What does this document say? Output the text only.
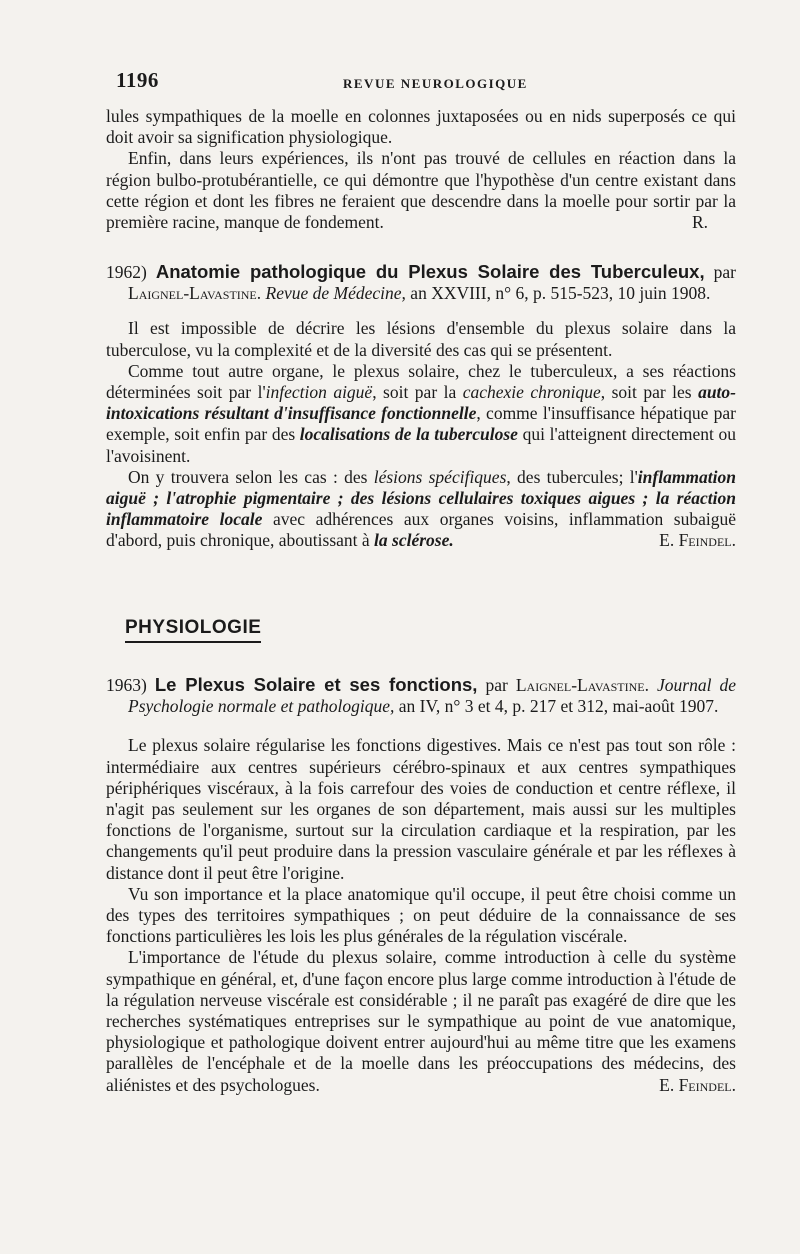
1196	REVUE NEUROLOGIQUE

lules sympathiques de la moelle en colonnes juxtaposées ou en nids superposés ce qui doit avoir sa signification physiologique.

Enfin, dans leurs expériences, ils n'ont pas trouvé de cellules en réaction dans la région bulbo-protubérantielle, ce qui démontre que l'hypothèse d'un centre existant dans cette région et dont les fibres ne feraient que descendre dans la moelle pour sortir par la première racine, manque de fondement.	R.

1962) Anatomie pathologique du Plexus Solaire des Tuberculeux, par Laignel-Lavastine. Revue de Médecine, an XXVIII, n° 6, p. 515-523, 10 juin 1908.

Il est impossible de décrire les lésions d'ensemble du plexus solaire dans la tuberculose, vu la complexité et de la diversité des cas qui se présentent.

Comme tout autre organe, le plexus solaire, chez le tuberculeux, a ses réactions déterminées soit par l'infection aiguë, soit par la cachexie chronique, soit par les auto-intoxications résultant d'insuffisance fonctionnelle, comme l'insuffisance hépatique par exemple, soit enfin par des localisations de la tuberculose qui l'atteignent directement ou l'avoisinent.

On y trouvera selon les cas : des lésions spécifiques, des tubercules; l'inflammation aiguë ; l'atrophie pigmentaire ; des lésions cellulaires toxiques aigues ; la réaction inflammatoire locale avec adhérences aux organes voisins, inflammation subaiguë d'abord, puis chronique, aboutissant à la sclérose.	E. Feindel.

PHYSIOLOGIE

1963) Le Plexus Solaire et ses fonctions, par Laignel-Lavastine. Journal de Psychologie normale et pathologique, an IV, n° 3 et 4, p. 217 et 312, mai-août 1907.

Le plexus solaire régularise les fonctions digestives. Mais ce n'est pas tout son rôle : intermédiaire aux centres supérieurs cérébro-spinaux et aux centres sympathiques périphériques viscéraux, à la fois carrefour des voies de conduction et centre réflexe, il n'agit pas seulement sur les organes de son département, mais aussi sur les multiples fonctions de l'organisme, surtout sur la circulation cardiaque et la respiration, par les changements qu'il peut produire dans la pression vasculaire générale et par les réflexes à distance dont il peut être l'origine.

Vu son importance et la place anatomique qu'il occupe, il peut être choisi comme un des types des territoires sympathiques ; on peut déduire de la connaissance de ses fonctions particulières les lois les plus générales de la régulation viscérale.

L'importance de l'étude du plexus solaire, comme introduction à celle du système sympathique en général, et, d'une façon encore plus large comme introduction à l'étude de la régulation nerveuse viscérale est considérable ; il ne paraît pas exagéré de dire que les recherches systématiques entreprises sur le sympathique au point de vue anatomique, physiologique et pathologique doivent entrer aujourd'hui au même titre que les examens parallèles de l'encéphale et de la moelle dans les préoccupations des médecins, des aliénistes et des psychologues.	E. Feindel.
